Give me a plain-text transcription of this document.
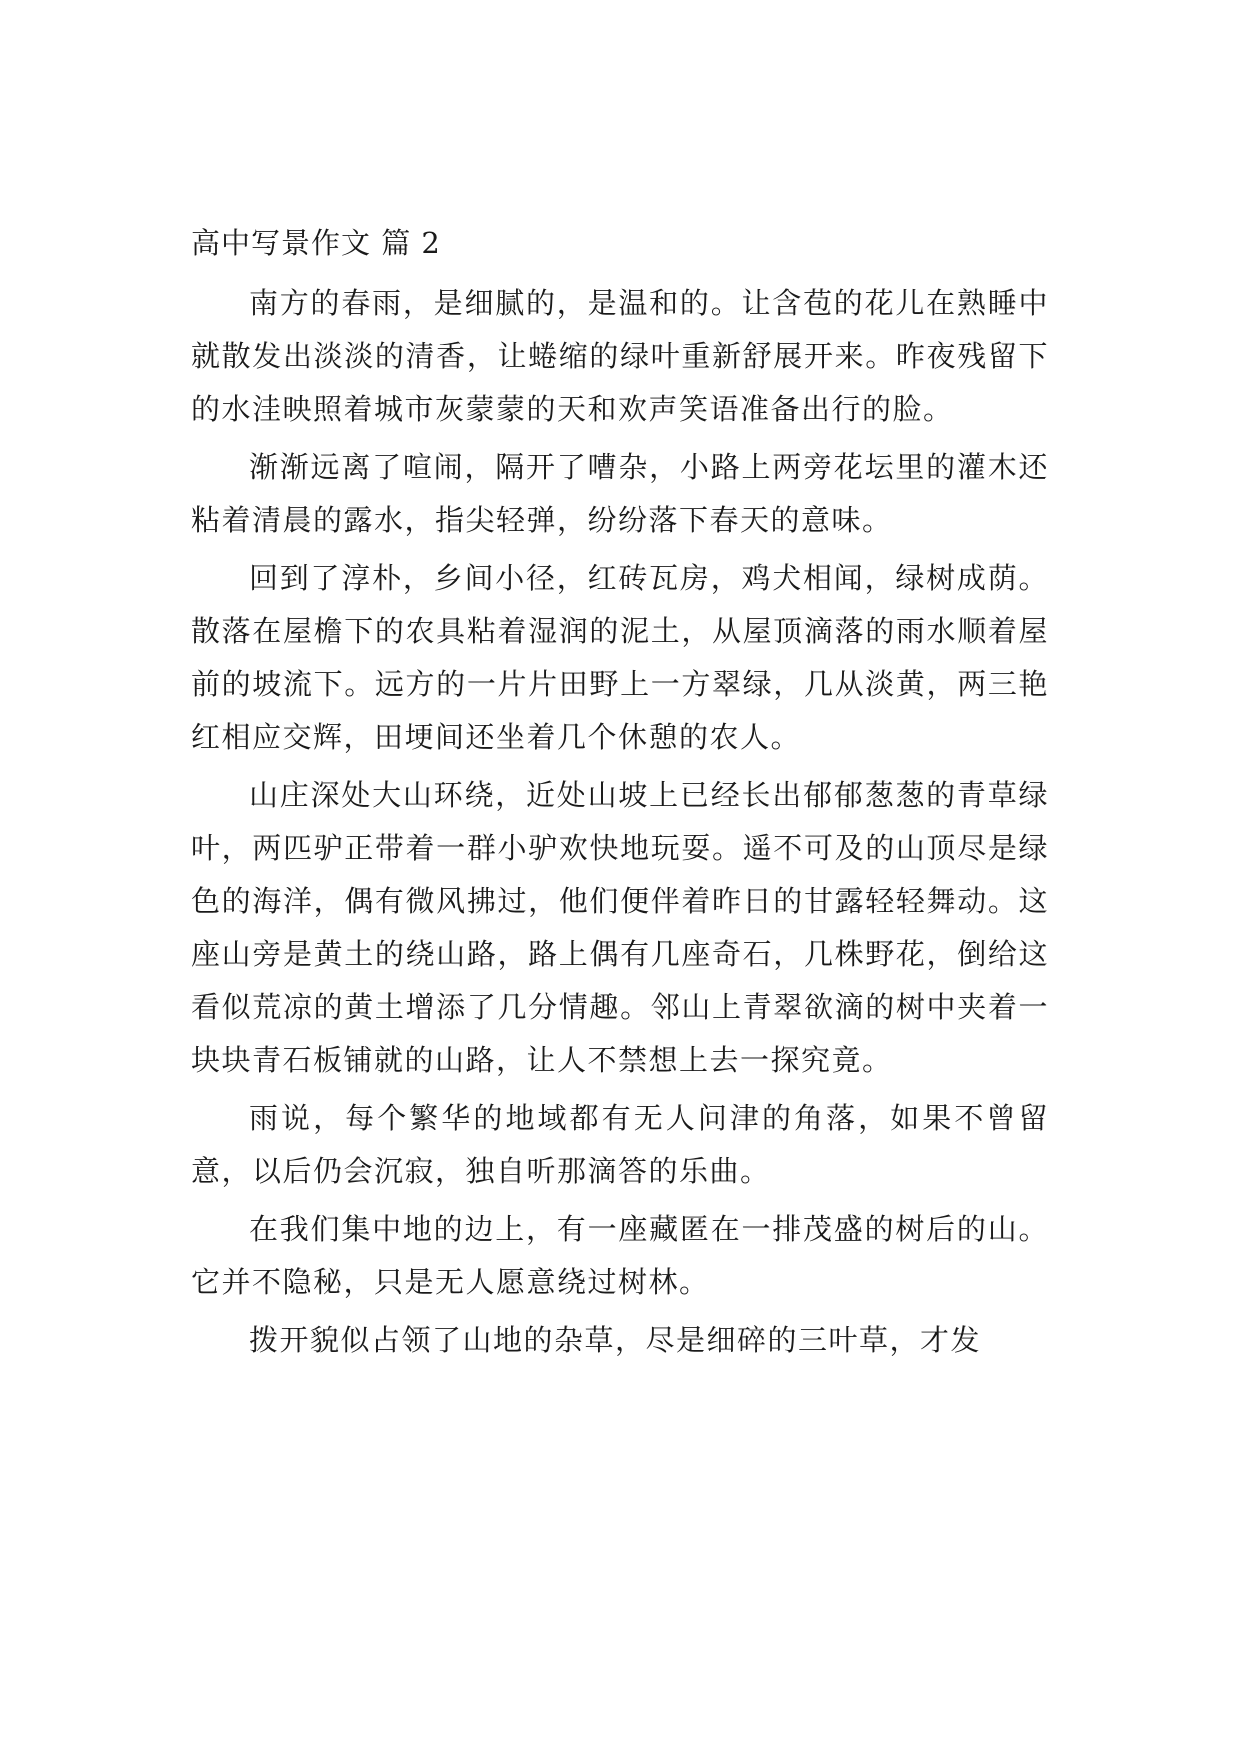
高中写景作文 篇 2

南方的春雨，是细腻的，是温和的。让含苞的花儿在熟睡中就散发出淡淡的清香，让蜷缩的绿叶重新舒展开来。昨夜残留下的水洼映照着城市灰蒙蒙的天和欢声笑语准备出行的脸。

渐渐远离了喧闹，隔开了嘈杂，小路上两旁花坛里的灌木还粘着清晨的露水，指尖轻弹，纷纷落下春天的意味。

回到了淳朴，乡间小径，红砖瓦房，鸡犬相闻，绿树成荫。散落在屋檐下的农具粘着湿润的泥土，从屋顶滴落的雨水顺着屋前的坡流下。远方的一片片田野上一方翠绿，几从淡黄，两三艳红相应交辉，田埂间还坐着几个休憩的农人。

山庄深处大山环绕，近处山坡上已经长出郁郁葱葱的青草绿叶，两匹驴正带着一群小驴欢快地玩耍。遥不可及的山顶尽是绿色的海洋，偶有微风拂过，他们便伴着昨日的甘露轻轻舞动。这座山旁是黄土的绕山路，路上偶有几座奇石，几株野花，倒给这看似荒凉的黄土增添了几分情趣。邻山上青翠欲滴的树中夹着一块块青石板铺就的山路，让人不禁想上去一探究竟。

雨说，每个繁华的地域都有无人问津的角落，如果不曾留意，以后仍会沉寂，独自听那滴答的乐曲。

在我们集中地的边上，有一座藏匿在一排茂盛的树后的山。它并不隐秘，只是无人愿意绕过树林。

拨开貌似占领了山地的杂草，尽是细碎的三叶草，才发
